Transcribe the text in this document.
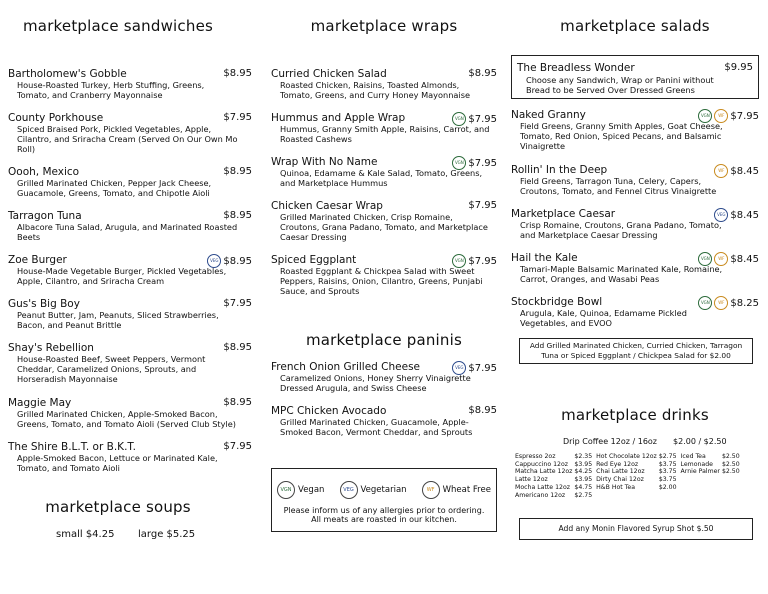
marketplace sandwiches
Bartholomew's Gobble	$8.95
House-Roasted Turkey, Herb Stuffing, Greens, Tomato, and Cranberry Mayonnaise
County Porkhouse	$7.95
Spiced Braised Pork, Pickled Vegetables, Apple, Cilantro, and Sriracha Cream (Served On Our Own Mo Roll)
Oooh, Mexico	$8.95
Grilled Marinated Chicken, Pepper Jack Cheese, Guacamole, Greens, Tomato, and Chipotle Aioli
Tarragon Tuna	$8.95
Albacore Tuna Salad, Arugula, and Marinated Roasted Beets
Zoe Burger	VEG $8.95
House-Made Vegetable Burger, Pickled Vegetables, Apple, Cilantro, and Sriracha Cream
Gus's Big Boy	$7.95
Peanut Butter, Jam, Peanuts, Sliced Strawberries, Bacon, and Peanut Brittle
Shay's Rebellion	$8.95
House-Roasted Beef, Sweet Peppers, Vermont Cheddar, Caramelized Onions, Sprouts, and Horseradish Mayonnaise
Maggie May	$8.95
Grilled Marinated Chicken, Apple-Smoked Bacon, Greens, Tomato, and Tomato Aioli (Served Club Style)
The Shire B.L.T. or B.K.T.	$7.95
Apple-Smoked Bacon, Lettuce or Marinated Kale, Tomato, and Tomato Aioli
marketplace soups
small $4.25 large $5.25
marketplace wraps
Curried Chicken Salad	$8.95
Roasted Chicken, Raisins, Toasted Almonds, Tomato, Greens, and Curry Honey Mayonnaise
Hummus and Apple Wrap	VGN $7.95
Hummus, Granny Smith Apple, Raisins, Carrot, and Roasted Cashews
Wrap With No Name	VGN $7.95
Quinoa, Edamame & Kale Salad, Tomato, Greens, and Marketplace Hummus
Chicken Caesar Wrap	$7.95
Grilled Marinated Chicken, Crisp Romaine, Croutons, Grana Padano, Tomato, and Marketplace Caesar Dressing
Spiced Eggplant	VGN $7.95
Roasted Eggplant & Chickpea Salad with Sweet Peppers, Raisins, Onion, Cilantro, Greens, Punjabi Sauce, and Sprouts
marketplace paninis
French Onion Grilled Cheese	VEG $7.95
Caramelized Onions, Honey Sherry Vinaigrette Dressed Arugula, and Swiss Cheese
MPC Chicken Avocado	$8.95
Grilled Marinated Chicken, Guacamole, Apple-Smoked Bacon, Vermont Cheddar, and Sprouts
VGN Vegan
	VEG Vegetarian
	WF Wheat Free
Please inform us of any allergies prior to ordering.
All meats are roasted in our kitchen.
marketplace salads
The Breadless Wonder	$9.95
Choose any Sandwich, Wrap or Panini without Bread to be Served Over Dressed Greens
Naked Granny	VGN WF $7.95
Field Greens, Granny Smith Apples, Goat Cheese, Tomato, Red Onion, Spiced Pecans, and Balsamic Vinaigrette
Rollin' In the Deep	WF $8.45
Field Greens, Tarragon Tuna, Celery, Capers, Croutons, Tomato, and Fennel Citrus Vinaigrette
Marketplace Caesar	VEG $8.45
Crisp Romaine, Croutons, Grana Padano, Tomato, and Marketplace Caesar Dressing
Hail the Kale	VGN WF $8.45
Tamari-Maple Balsamic Marinated Kale, Romaine, Carrot, Oranges, and Wasabi Peas
Stockbridge Bowl	VGN WF $8.25
Arugula, Kale, Quinoa, Edamame Pickled Vegetables, and EVOO
Add Grilled Marinated Chicken, Curried Chicken, Tarragon Tuna or Spiced Eggplant / Chickpea Salad for $2.00
marketplace drinks
Drip Coffee 12oz / 16oz $2.00 / $2.50
Espresso 2oz	$2.35	Hot Chocolate 12oz	$2.75	Iced Tea	$2.50
Cappuccino 12oz	$3.95	Red Eye 12oz	$3.75	Lemonade	$2.50
Matcha Latte 12oz	$4.25	Chai Latte 12oz	$3.75	Arnie Palmer	$2.50
Latte 12oz	$3.95	Dirty Chai 12oz	$3.75		
Mocha Latte 12oz	$4.75	H&B Hot Tea	$2.00		
Americano 12oz	$2.75				
Add any Monin Flavored Syrup Shot $.50
